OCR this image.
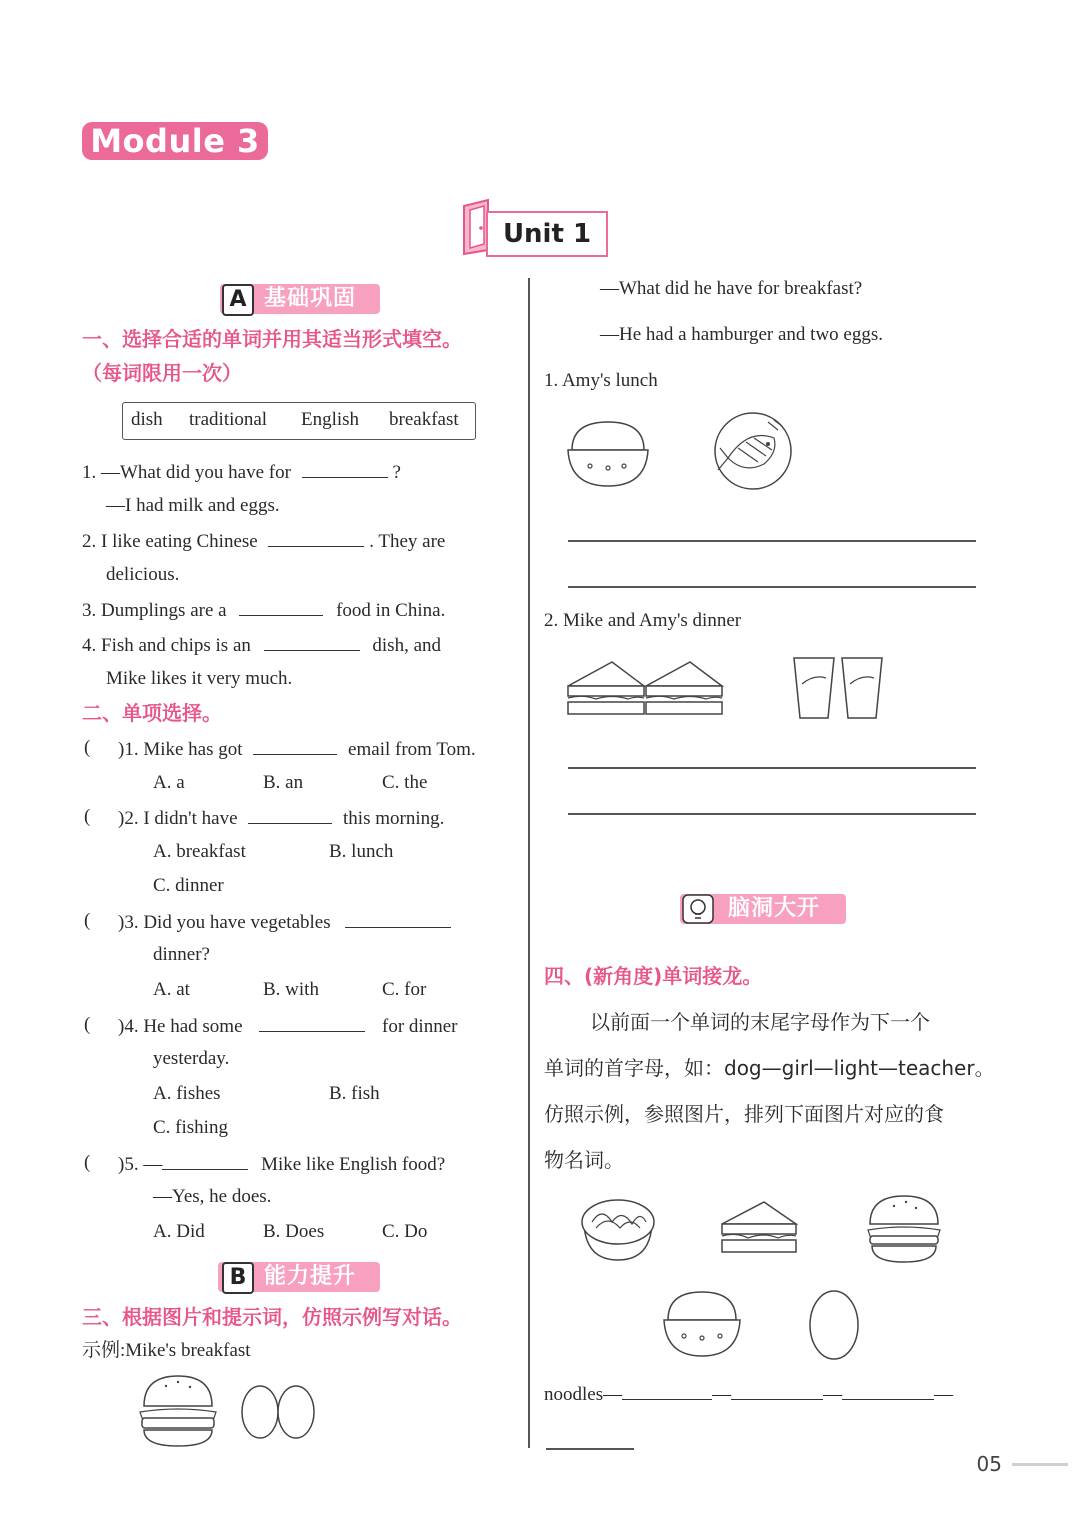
Module 3
Unit 1
A 基础巩固
一、选择合适的单词并用其适当形式填空。
（每词限用一次）
dish traditional English breakfast
1. —What did you have for	?
—I had milk and eggs.
2. I like eating Chinese	. They are
delicious.
3. Dumplings are a	food in China.
4. Fish and chips is an	dish, and
Mike likes it very much.
二、单项选择。
( )1. Mike has got	email from Tom.
A. a	B. an	C. the
( )2. I didn't have	this morning.
A. breakfast	B. lunch
C. dinner
( )3. Did you have vegetables
dinner?
A. at	B. with	C. for
( )4. He had some	for dinner
yesterday.
A. fishes	B. fish
C. fishing
( )5. —	Mike like English food?
—Yes, he does.
A. Did	B. Does	C. Do
B 能力提升
三、根据图片和提示词，仿照示例写对话。
示例:Mike's breakfast
—What did he have for breakfast?
—He had a hamburger and two eggs.
1. Amy's lunch
2. Mike and Amy's dinner
脑洞大开
四、(新角度)单词接龙。
以前面一个单词的末尾字母作为下一个
单词的首字母，如：dog—girl—light—teacher。
仿照示例，参照图片，排列下面图片对应的食
物名词。
noodles—	—	—	—
05
